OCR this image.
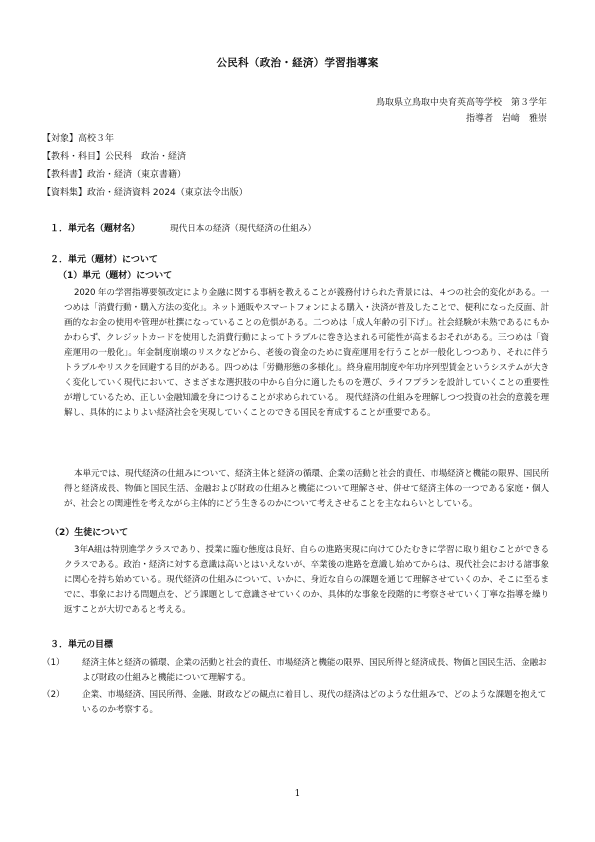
公民科（政治・経済）学習指導案
鳥取県立鳥取中央育英高等学校　第３学年
指導者　岩﨑　雅崇
【対象】高校３年
【教科・科目】公民科　政治・経済
【教科書】政治・経済（東京書籍）
【資料集】政治・経済資料 2024（東京法令出版）
１．単元名（題材名）	現代日本の経済（現代経済の仕組み）
２．単元（題材）について
（1）単元（題材）について
2020 年の学習指導要領改定により金融に関する事柄を教えることが義務付けられた背景には、４つの社会的変化がある。一つめは「消費行動・購入方法の変化」。ネット通販やスマートフォンによる購入・決済が普及したことで、便利になった反面、計画的なお金の使用や管理が杜撰になっていることの危惧がある。二つめは「成人年齢の引下げ」。社会経験が未熟であるにもかかわらず、クレジットカードを使用した消費行動によってトラブルに巻き込まれる可能性が高まるおそれがある。三つめは「資産運用の一般化」。年金制度崩壊のリスクなどから、老後の資金のために資産運用を行うことが一般化しつつあり、それに伴うトラブルやリスクを回避する目的がある。四つめは「労働形態の多様化」。終身雇用制度や年功序列型賃金というシステムが大きく変化していく現代において、さまざまな選択肢の中から自分に適したものを選び、ライフプランを設計していくことの重要性が増しているため、正しい金融知識を身につけることが求められている。 現代経済の仕組みを理解しつつ投資の社会的意義を理解し、具体的によりよい経済社会を実現していくことのできる国民を育成することが重要である。
本単元では、現代経済の仕組みについて、経済主体と経済の循環、企業の活動と社会的責任、市場経済と機能の限界、国民所得と経済成長、物価と国民生活、金融および財政の仕組みと機能について理解させ、併せて経済主体の一つである家庭・個人が、社会との関連性を考えながら主体的にどう生きるのかについて考えさせることを主なねらいとしている。
（2）生徒について
3年A組は特別進学クラスであり、授業に臨む態度は良好、自らの進路実現に向けてひたむきに学習に取り組むことができるクラスである。政治・経済に対する意識は高いとはいえないが、卒業後の進路を意識し始めてからは、現代社会における諸事象に関心を持ち始めている。現代経済の仕組みについて、いかに、身近な自らの課題を通じて理解させていくのか、そこに至るまでに、事象における問題点を、どう課題として意識させていくのか、具体的な事象を段階的に考察させていく丁寧な指導を繰り返すことが大切であると考える。
３．単元の目標
（1） 経済主体と経済の循環、企業の活動と社会的責任、市場経済と機能の限界、国民所得と経済成長、物価と国民生活、金融および財政の仕組みと機能について理解する。
（2） 企業、市場経済、国民所得、金融、財政などの観点に着目し、現代の経済はどのような仕組みで、どのような課題を抱えているのか考察する。
1
